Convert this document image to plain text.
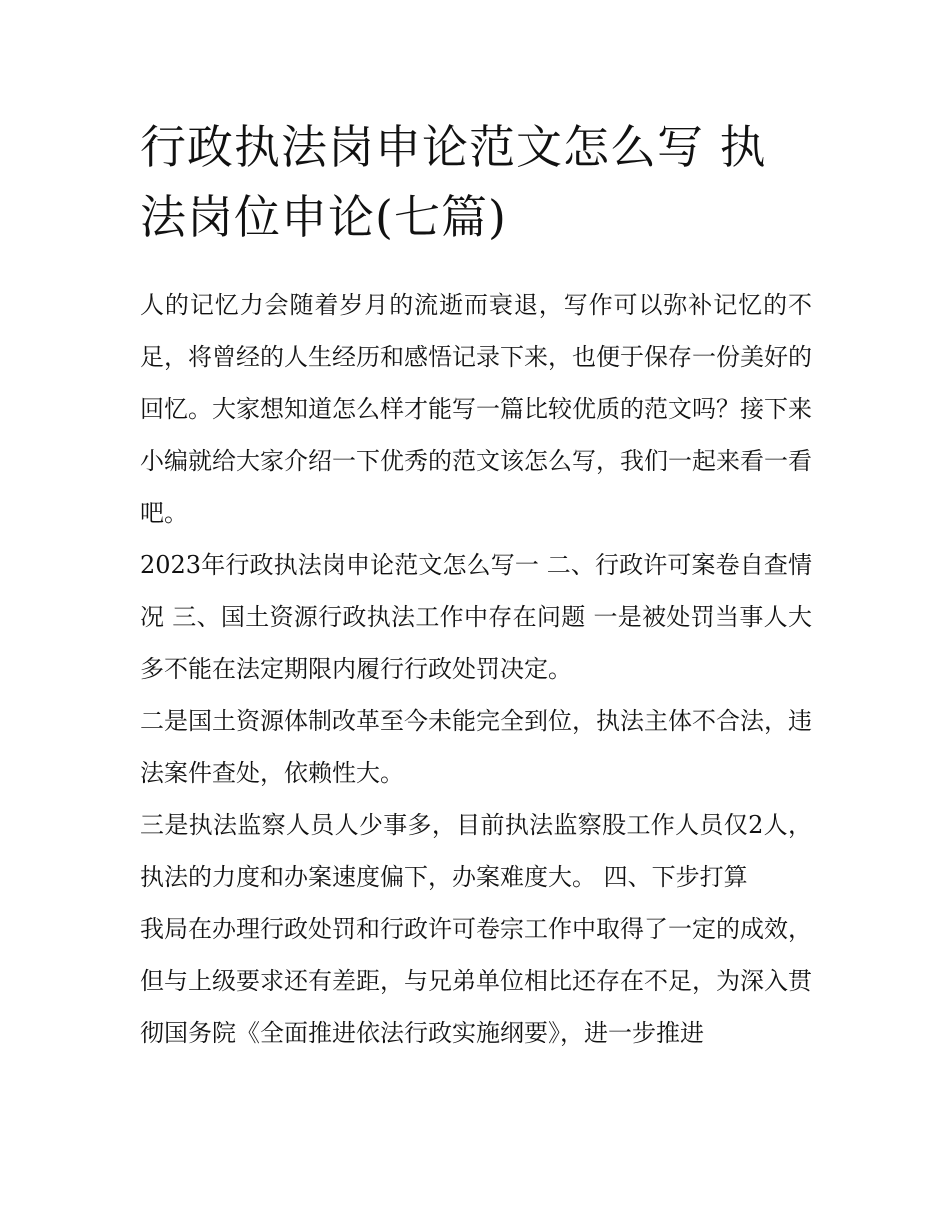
行政执法岗申论范文怎么写 执法岗位申论(七篇)

人的记忆力会随着岁月的流逝而衰退，写作可以弥补记忆的不足，将曾经的人生经历和感悟记录下来，也便于保存一份美好的回忆。大家想知道怎么样才能写一篇比较优质的范文吗？接下来小编就给大家介绍一下优秀的范文该怎么写，我们一起来看一看吧。

2023年行政执法岗申论范文怎么写一 二、行政许可案卷自查情况 三、国土资源行政执法工作中存在问题 一是被处罚当事人大多不能在法定期限内履行行政处罚决定。

二是国土资源体制改革至今未能完全到位，执法主体不合法，违法案件查处，依赖性大。

三是执法监察人员人少事多，目前执法监察股工作人员仅2人，执法的力度和办案速度偏下，办案难度大。 四、下步打算

我局在办理行政处罚和行政许可卷宗工作中取得了一定的成效，但与上级要求还有差距，与兄弟单位相比还存在不足，为深入贯彻国务院《全面推进依法行政实施纲要》，进一步推进
